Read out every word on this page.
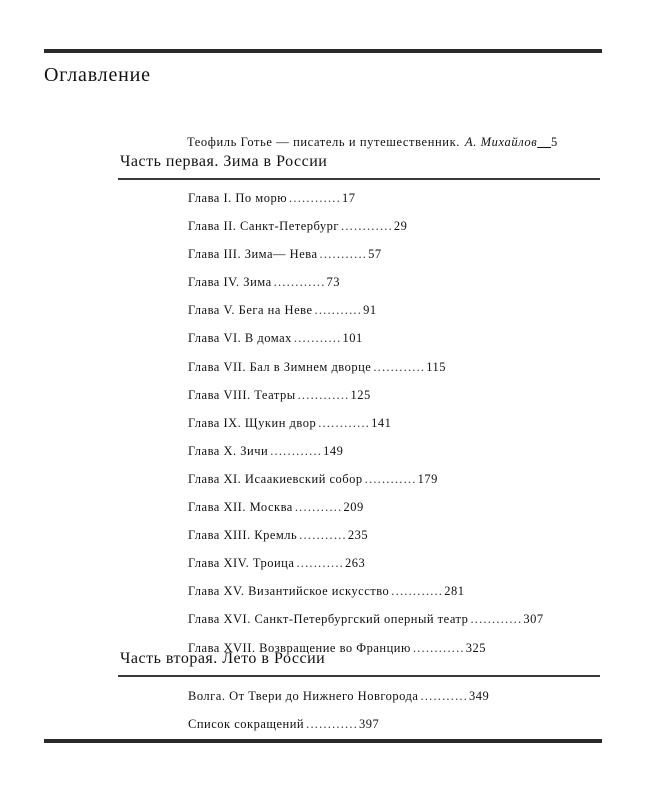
Оглавление
Теофиль Готье — писатель и путешественник. А. Михайлов__5
Часть первая. Зима в России
Глава I. По морю ............17
Глава II. Санкт-Петербург ............29
Глава III. Зима— Нева ...........57
Глава IV. Зима ............73
Глава V. Бега на Неве ...........91
Глава VI. В домах ...........101
Глава VII. Бал в Зимнем дворце ............115
Глава VIII. Театры ............125
Глава IX. Щукин двор ............141
Глава X. Зичи ............149
Глава XI. Исаакиевский собор ............179
Глава XII. Москва ...........209
Глава XIII. Кремль ...........235
Глава XIV. Троица ...........263
Глава XV. Византийское искусство ............281
Глава XVI. Санкт-Петербургский оперный театр ............307
Глава XVII. Возвращение во Францию ............325
Часть вторая. Лето в России
Волга. От Твери до Нижнего Новгорода ...........349
Список сокращений ............397
